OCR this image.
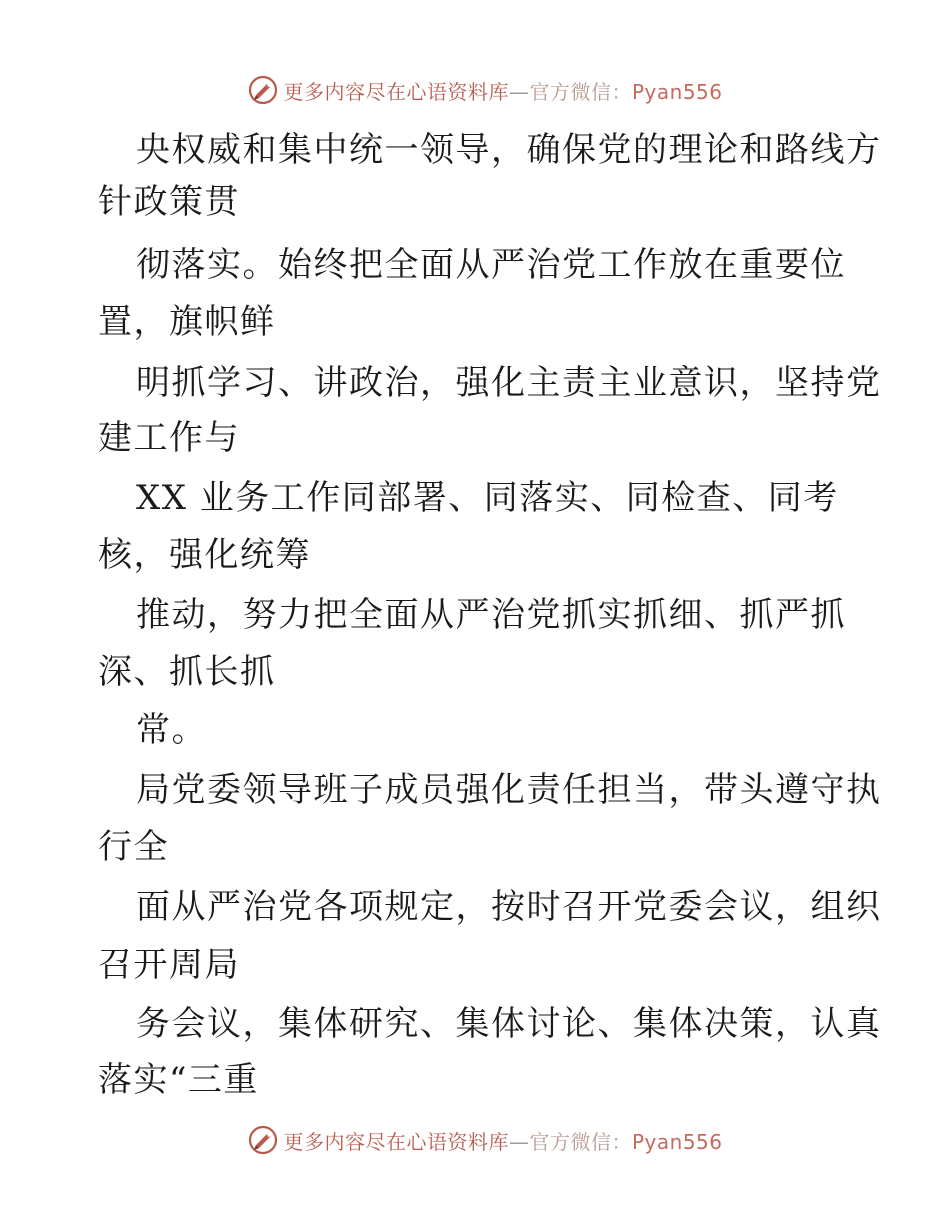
更多内容尽在心语资料库—官方微信：Pyan556
央权威和集中统一领导，确保党的理论和路线方
针政策贯
彻落实。始终把全面从严治党工作放在重要位
置，旗帜鲜
明抓学习、讲政治，强化主责主业意识，坚持党
建工作与
XX 业务工作同部署、同落实、同检查、同考
核，强化统筹
推动，努力把全面从严治党抓实抓细、抓严抓
深、抓长抓
常。
局党委领导班子成员强化责任担当，带头遵守执
行全
面从严治党各项规定，按时召开党委会议，组织
召开周局
务会议，集体研究、集体讨论、集体决策，认真
落实“三重
更多内容尽在心语资料库—官方微信：Pyan556
